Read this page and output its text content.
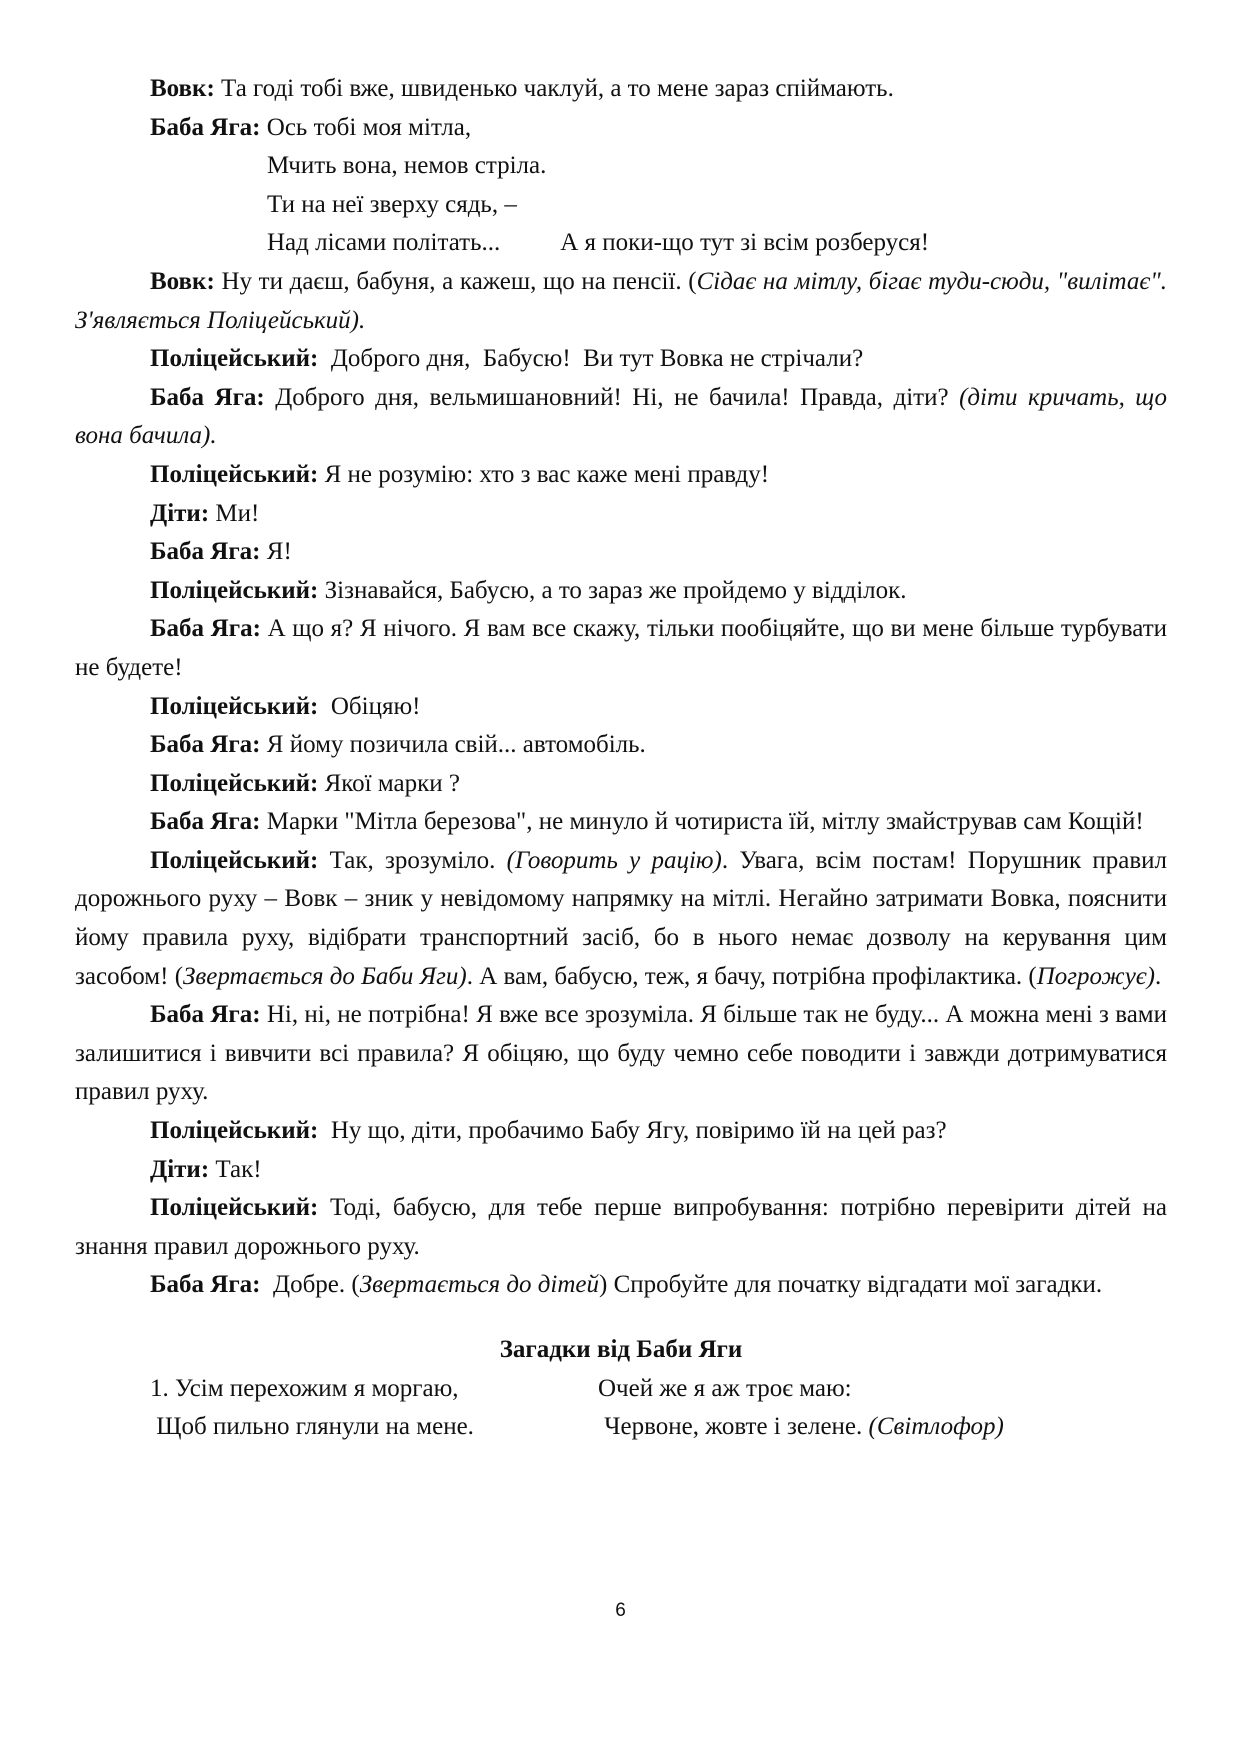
Вовк: Та годі тобі вже, швиденько чаклуй, а то мене зараз спіймають.

Баба Яга: Ось тобі моя мітла,

Мчить вона, немов стріла.
Ти на неї зверху сядь, –
Над лісами політать... А я поки-що тут зі всім розберуся!

Вовк: Ну ти даєш, бабуня, а кажеш, що на пенсії. (Сідає на мітлу, бігає туди-сюди, "вилітає". З'являється Поліцейський).

Поліцейський:  Доброго дня,  Бабусю!  Ви тут Вовка не стрічали?

Баба Яга: Доброго дня, вельмишановний! Ні, не бачила! Правда, діти? (діти кричать, що вона бачила).

Поліцейський: Я не розумію: хто з вас каже мені правду!

Діти: Ми!

Баба Яга: Я!

Поліцейський: Зізнавайся, Бабусю, а то зараз же пройдемо у відділок.

Баба Яга: А що я? Я нічого. Я вам все скажу, тільки пообіцяйте, що ви мене більше турбувати не будете!

Поліцейський:  Обіцяю!

Баба Яга: Я йому позичила свій... автомобіль.

Поліцейський: Якої марки ?

Баба Яга: Марки "Мітла березова", не минуло й чотириста їй, мітлу змайстрував сам Кощій!

Поліцейський: Так, зрозуміло. (Говорить у рацію). Увага, всім постам! Порушник правил дорожнього руху – Вовк – зник у невідомому напрямку на мітлі. Негайно затримати Вовка, пояснити йому правила руху, відібрати транспортний засіб, бо в нього немає дозволу на керування цим засобом! (Звертається до Баби Яги). А вам, бабусю, теж, я бачу, потрібна профілактика. (Погрожує).

Баба Яга: Ні, ні, не потрібна! Я вже все зрозуміла. Я більше так не буду... А можна мені з вами залишитися і вивчити всі правила? Я обіцяю, що буду чемно себе поводити і завжди дотримуватися правил руху.

Поліцейський:  Ну що, діти, пробачимо Бабу Ягу, повіримо їй на цей раз?

Діти: Так!

Поліцейський: Тоді, бабусю, для тебе перше випробування: потрібно перевірити дітей на знання правил дорожнього руху.

Баба Яга:  Добре. (Звертається до дітей) Спробуйте для початку відгадати мої загадки.

Загадки від Баби Яги
1. Усім перехожим я моргаю,	Очей же я аж троє маю:
Щоб пильно глянули на мене.	Червоне, жовте і зелене. (Світлофор)
6
